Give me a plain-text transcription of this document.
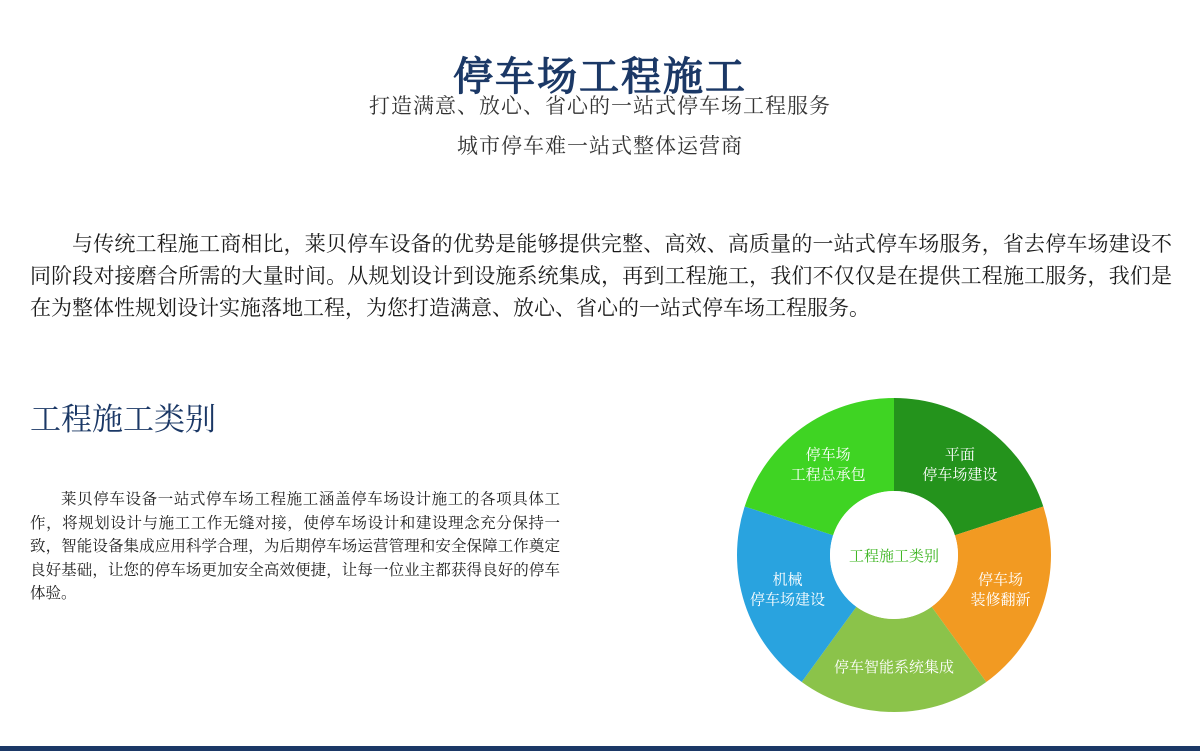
停车场工程施工
打造满意、放心、省心的一站式停车场工程服务
城市停车难一站式整体运营商

与传统工程施工商相比，莱贝停车设备的优势是能够提供完整、高效、高质量的一站式停车场服务，省去停车场建设不同阶段对接磨合所需的大量时间。从规划设计到设施系统集成，再到工程施工，我们不仅仅是在提供工程施工服务，我们是在为整体性规划设计实施落地工程，为您打造满意、放心、省心的一站式停车场工程服务。

工程施工类别

莱贝停车设备一站式停车场工程施工涵盖停车场设计施工的各项具体工作，将规划设计与施工工作无缝对接，使停车场设计和建设理念充分保持一致，智能设备集成应用科学合理，为后期停车场运营管理和安全保障工作奠定良好基础，让您的停车场更加安全高效便捷，让每一位业主都获得良好的停车体验。

工程施工类别
平面停车场建设
停车场装修翻新
停车智能系统集成
机械停车场建设
停车场工程总承包
